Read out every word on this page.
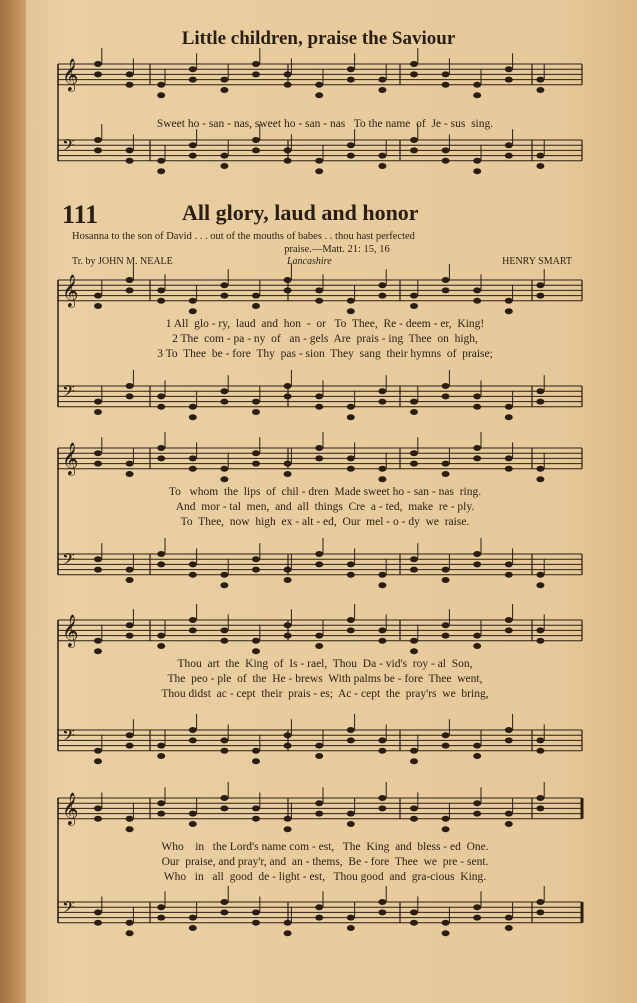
Little children, praise the Saviour
𝄞
𝄢
𝄞
𝄢
𝄞
𝄢
𝄞
𝄢
𝄞
𝄢
Sweet ho - san - nas, sweet ho - san - nas   To the name  of  Je - sus  sing.
111	All glory, laud and honor
Hosanna to the son of David . . . out of the mouths of babes . . thou hast perfected
praise.—Matt. 21: 15, 16
Tr. by JOHN M. NEALE	Lancashire	HENRY SMART
1 All  glo - ry,  laud  and  hon  -  or   To  Thee,  Re - deem - er,  King!
2 The  com - pa - ny  of   an - gels  Are  prais - ing  Thee  on  high,
3 To  Thee  be - fore  Thy  pas - sion  They  sang  their hymns  of  praise;
To   whom  the  lips  of  chil - dren  Made sweet ho - san - nas  ring.
And  mor - tal  men,  and  all  things  Cre  a - ted,  make  re - ply.
To  Thee,  now  high  ex - alt - ed,  Our  mel - o - dy  we  raise.
Thou  art  the  King  of  Is - rael,  Thou  Da - vid's  roy - al  Son,
The  peo - ple  of  the  He - brews  With palms be - fore  Thee  went,
Thou didst  ac - cept  their  prais - es;  Ac - cept  the  pray'rs  we  bring,
Who    in   the Lord's name com - est,   The  King  and  bless - ed  One.
Our  praise, and pray'r, and  an - thems,  Be - fore  Thee  we  pre - sent.
Who   in   all  good  de - light - est,   Thou good  and  gra-cious  King.
